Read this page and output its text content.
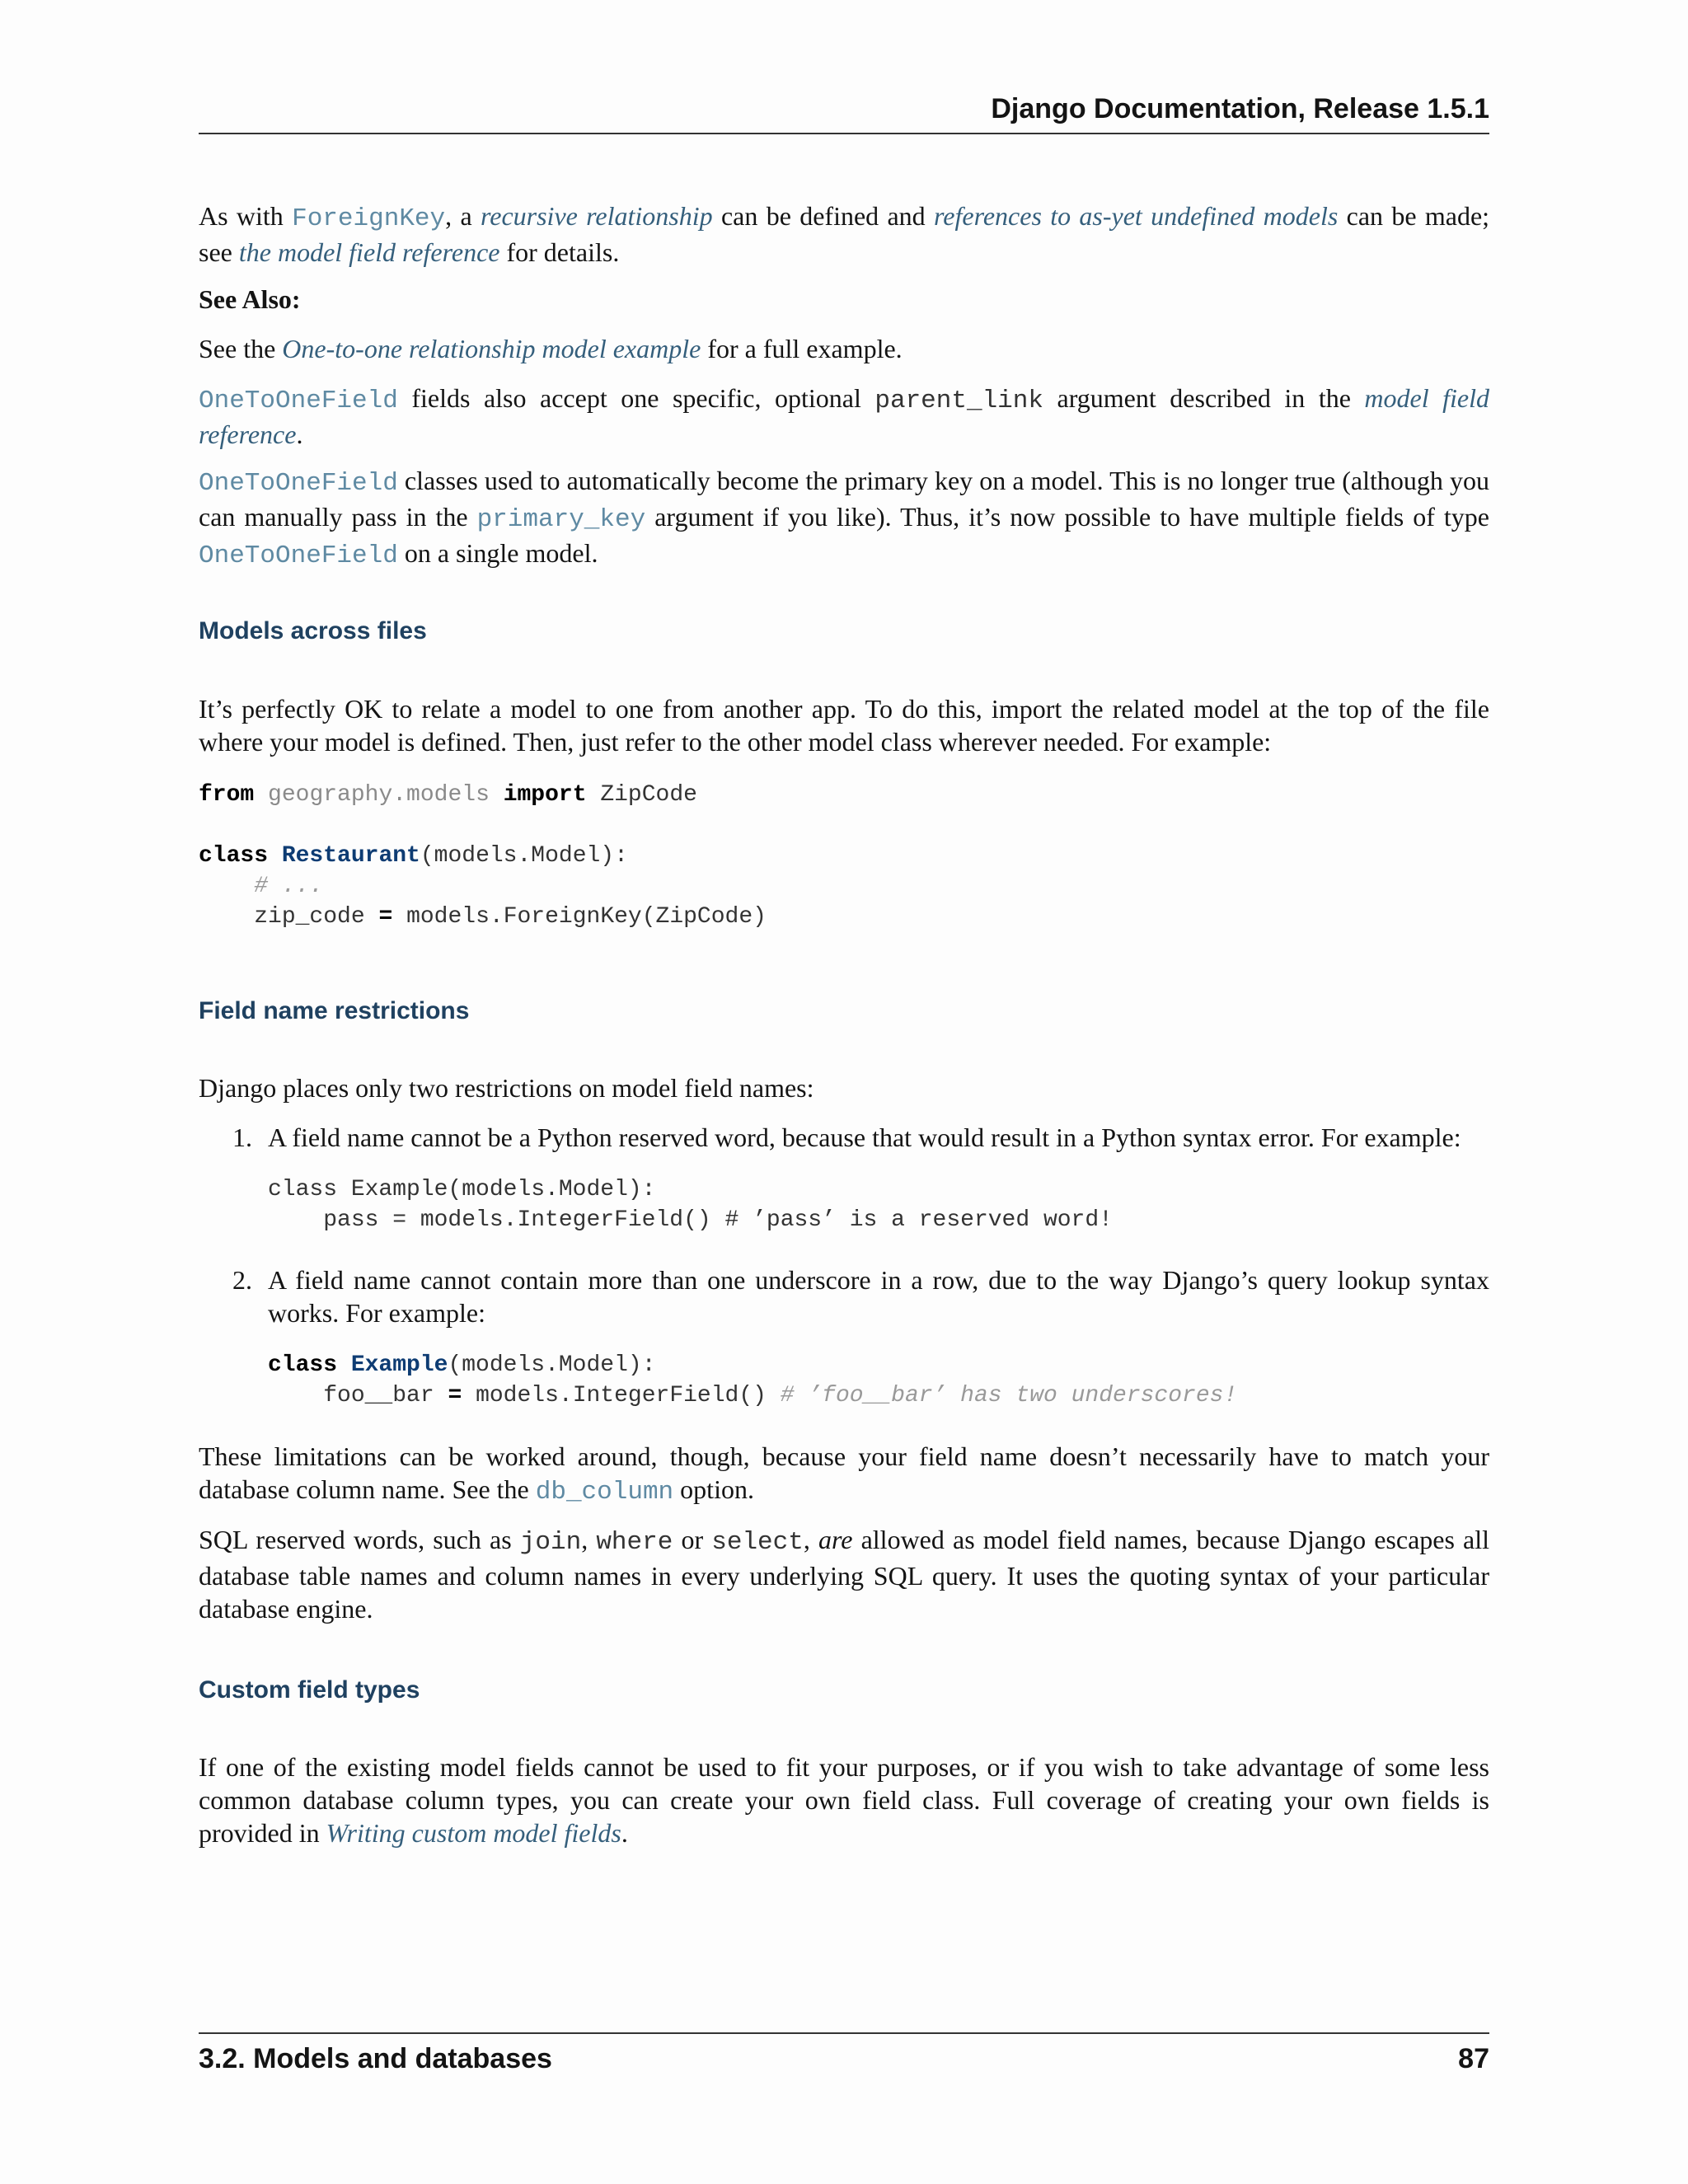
Django Documentation, Release 1.5.1

As with ForeignKey, a recursive relationship can be defined and references to as-yet undefined models can be made; see the model field reference for details.

See Also:

See the One-to-one relationship model example for a full example.

OneToOneField fields also accept one specific, optional parent_link argument described in the model field reference.

OneToOneField classes used to automatically become the primary key on a model. This is no longer true (although you can manually pass in the primary_key argument if you like). Thus, it’s now possible to have multiple fields of type OneToOneField on a single model.

Models across files

It’s perfectly OK to relate a model to one from another app. To do this, import the related model at the top of the file where your model is defined. Then, just refer to the other model class wherever needed. For example:

from geography.models import ZipCode

class Restaurant(models.Model):
# ...
zip_code = models.ForeignKey(ZipCode)
Field name restrictions

Django places only two restrictions on model field names:

1. A field name cannot be a Python reserved word, because that would result in a Python syntax error. For example:

class Example(models.Model):
pass = models.IntegerField() # ’pass’ is a reserved word!
2. A field name cannot contain more than one underscore in a row, due to the way Django’s query lookup syntax works. For example:

class Example(models.Model):
foo__bar = models.IntegerField() # ’foo__bar’ has two underscores!

These limitations can be worked around, though, because your field name doesn’t necessarily have to match your database column name. See the db_column option.

SQL reserved words, such as join, where or select, are allowed as model field names, because Django escapes all database table names and column names in every underlying SQL query. It uses the quoting syntax of your particular database engine.

Custom field types

If one of the existing model fields cannot be used to fit your purposes, or if you wish to take advantage of some less common database column types, you can create your own field class. Full coverage of creating your own fields is provided in Writing custom model fields.

3.2. Models and databases	87
